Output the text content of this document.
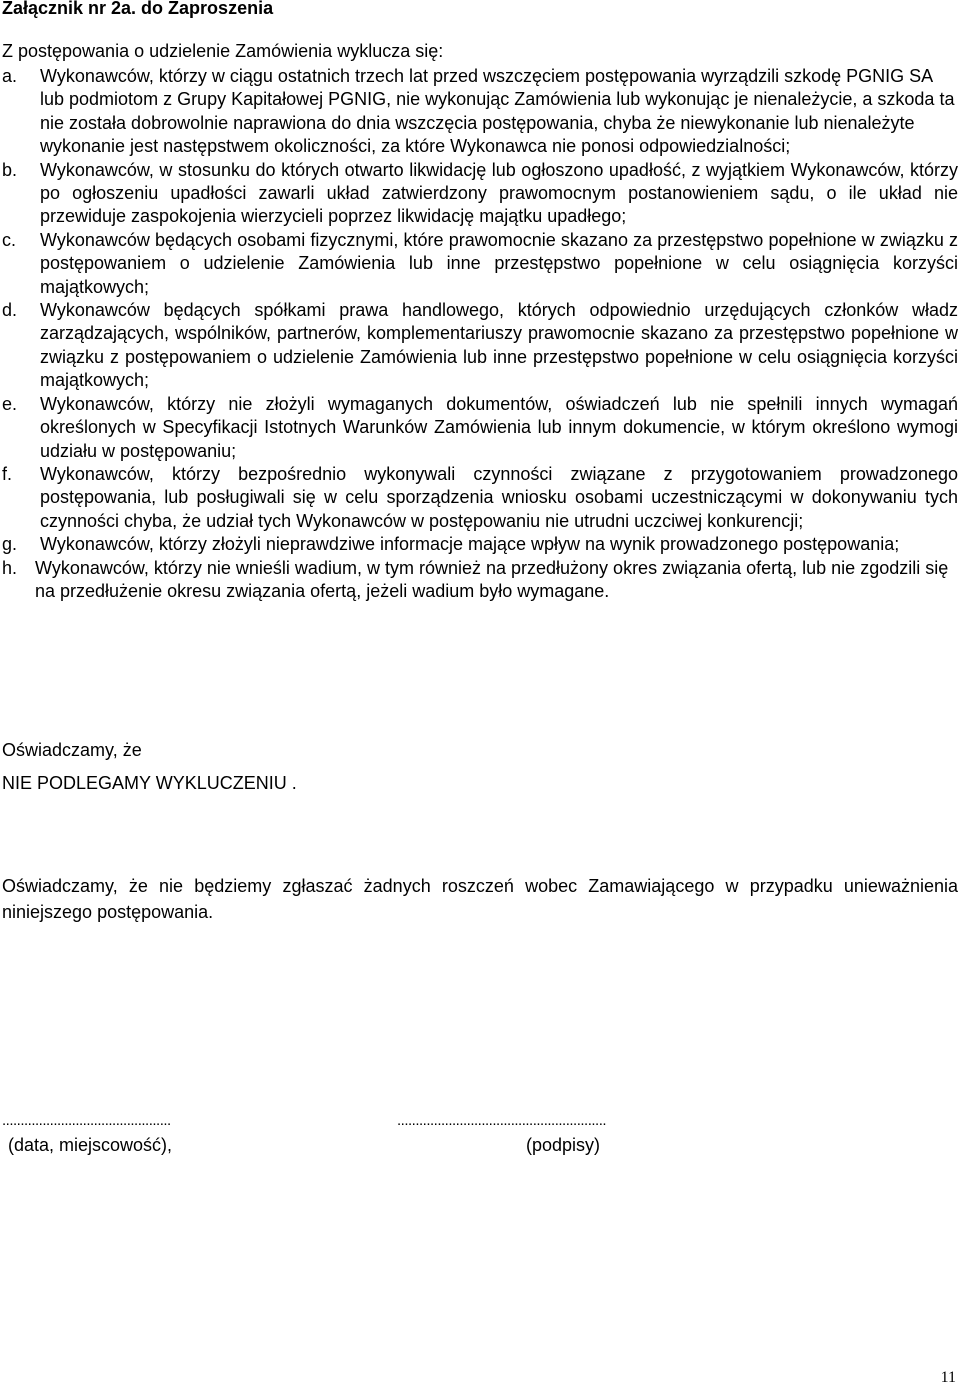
Załącznik nr 2a. do Zaproszenia
Z postępowania o udzielenie Zamówienia wyklucza się:
a. Wykonawców, którzy w ciągu ostatnich trzech lat przed wszczęciem postępowania wyrządzili szkodę PGNIG SA lub podmiotom z Grupy Kapitałowej PGNIG, nie wykonując Zamówienia lub wykonując je nienależycie, a szkoda ta nie została dobrowolnie naprawiona do dnia wszczęcia postępowania, chyba że niewykonanie lub nienależyte wykonanie jest następstwem okoliczności, za które Wykonawca nie ponosi odpowiedzialności;
b. Wykonawców, w stosunku do których otwarto likwidację lub ogłoszono upadłość, z wyjątkiem Wykonawców, którzy po ogłoszeniu upadłości zawarli układ zatwierdzony prawomocnym postanowieniem sądu, o ile układ nie przewiduje zaspokojenia wierzycieli poprzez likwidację majątku upadłego;
c. Wykonawców będących osobami fizycznymi, które prawomocnie skazano za przestępstwo popełnione w związku z postępowaniem o udzielenie Zamówienia lub inne przestępstwo popełnione w celu osiągnięcia korzyści majątkowych;
d. Wykonawców będących spółkami prawa handlowego, których odpowiednio urzędujących członków władz zarządzających, wspólników, partnerów, komplementariuszy prawomocnie skazano za przestępstwo popełnione w związku z postępowaniem o udzielenie Zamówienia lub inne przestępstwo popełnione w celu osiągnięcia korzyści majątkowych;
e. Wykonawców, którzy nie złożyli wymaganych dokumentów, oświadczeń lub nie spełnili innych wymagań określonych w Specyfikacji Istotnych Warunków Zamówienia lub innym dokumencie, w którym określono wymogi udziału w postępowaniu;
f. Wykonawców, którzy bezpośrednio wykonywali czynności związane z przygotowaniem prowadzonego postępowania, lub posługiwali się w celu sporządzenia wniosku osobami uczestniczącymi w dokonywaniu tych czynności chyba, że udział tych Wykonawców w postępowaniu nie utrudni uczciwej konkurencji;
g. Wykonawców, którzy złożyli nieprawdziwe informacje mające wpływ na wynik prowadzonego postępowania;
h. Wykonawców, którzy nie wnieśli wadium, w tym również na przedłużony okres związania ofertą, lub nie zgodzili się na przedłużenie okresu związania ofertą, jeżeli wadium było wymagane.
Oświadczamy, że
NIE PODLEGAMY WYKLUCZENIU .
Oświadczamy, że nie będziemy zgłaszać żadnych roszczeń wobec Zamawiającego w przypadku unieważnienia niniejszego postępowania.
..............................................	.........................................................
(data, miejscowość),	(podpisy)
11
